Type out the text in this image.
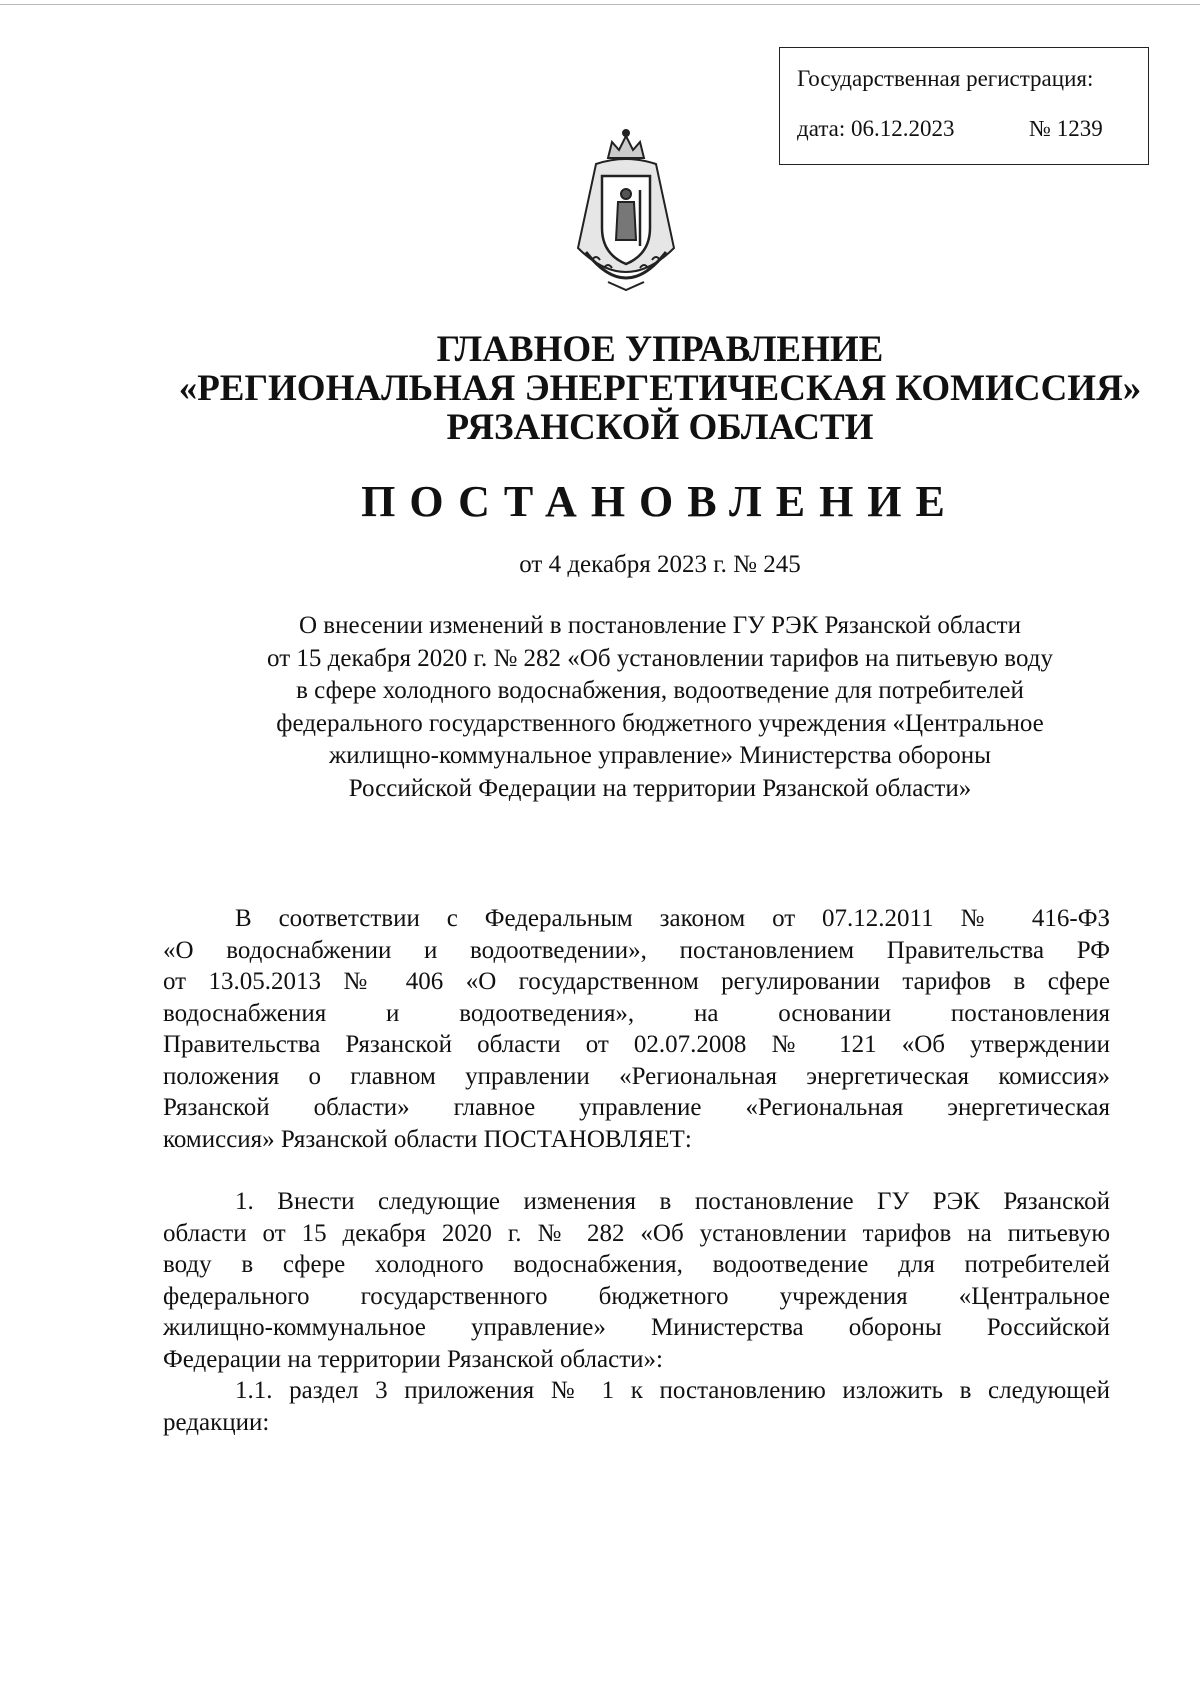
Государственная регистрация:
дата: 06.12.2023	№ 1239
ГЛАВНОЕ УПРАВЛЕНИЕ
«РЕГИОНАЛЬНАЯ ЭНЕРГЕТИЧЕСКАЯ КОМИССИЯ»
РЯЗАНСКОЙ ОБЛАСТИ
ПОСТАНОВЛЕНИЕ
от 4 декабря 2023 г. № 245
О внесении изменений в постановление ГУ РЭК Рязанской области
от 15 декабря 2020 г. № 282 «Об установлении тарифов на питьевую воду
в сфере холодного водоснабжения, водоотведение для потребителей
федерального государственного бюджетного учреждения «Центральное
жилищно-коммунальное управление» Министерства обороны
Российской Федерации на территории Рязанской области»
В соответствии с Федеральным законом от 07.12.2011 № 416-ФЗ
«О водоснабжении и водоотведении», постановлением Правительства РФ
от 13.05.2013 № 406 «О государственном регулировании тарифов в сфере
водоснабжения и водоотведения», на основании постановления
Правительства Рязанской области от 02.07.2008 № 121 «Об утверждении
положения о главном управлении «Региональная энергетическая комиссия»
Рязанской области» главное управление «Региональная энергетическая
комиссия» Рязанской области ПОСТАНОВЛЯЕТ:
1. Внести следующие изменения в постановление ГУ РЭК Рязанской
области от 15 декабря 2020 г. № 282 «Об установлении тарифов на питьевую
воду в сфере холодного водоснабжения, водоотведение для потребителей
федерального государственного бюджетного учреждения «Центральное
жилищно-коммунальное управление» Министерства обороны Российской
Федерации на территории Рязанской области»:
1.1. раздел 3 приложения № 1 к постановлению изложить в следующей
редакции:
